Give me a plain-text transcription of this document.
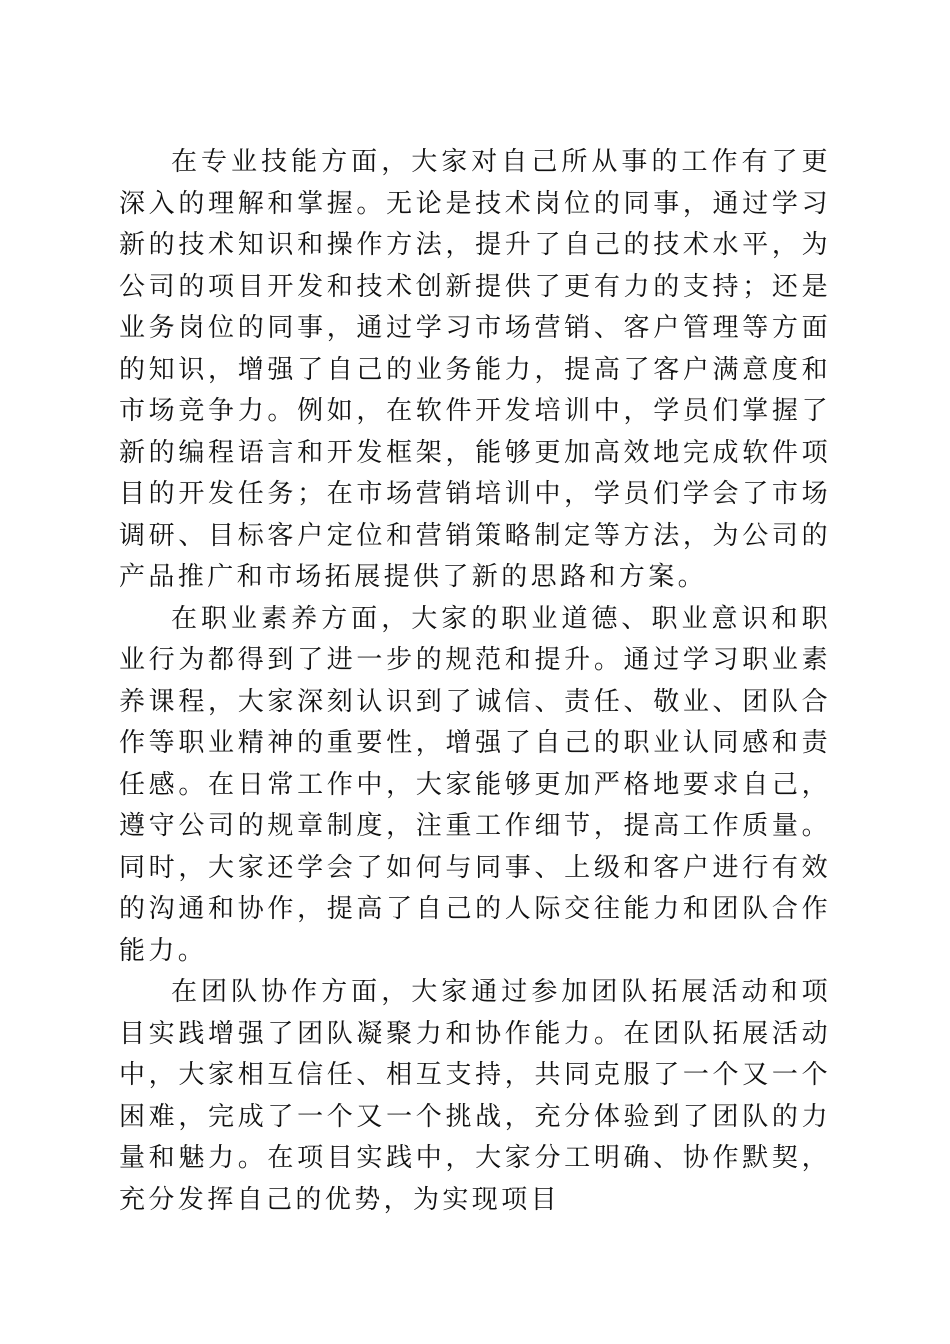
在专业技能方面，大家对自己所从事的工作有了更深入的理解和掌握。无论是技术岗位的同事，通过学习新的技术知识和操作方法，提升了自己的技术水平，为公司的项目开发和技术创新提供了更有力的支持；还是业务岗位的同事，通过学习市场营销、客户管理等方面的知识，增强了自己的业务能力，提高了客户满意度和市场竞争力。例如，在软件开发培训中，学员们掌握了新的编程语言和开发框架，能够更加高效地完成软件项目的开发任务；在市场营销培训中，学员们学会了市场调研、目标客户定位和营销策略制定等方法，为公司的产品推广和市场拓展提供了新的思路和方案。

在职业素养方面，大家的职业道德、职业意识和职业行为都得到了进一步的规范和提升。通过学习职业素养课程，大家深刻认识到了诚信、责任、敬业、团队合作等职业精神的重要性，增强了自己的职业认同感和责任感。在日常工作中，大家能够更加严格地要求自己，遵守公司的规章制度，注重工作细节，提高工作质量。同时，大家还学会了如何与同事、上级和客户进行有效的沟通和协作，提高了自己的人际交往能力和团队合作能力。

在团队协作方面，大家通过参加团队拓展活动和项目实践增强了团队凝聚力和协作能力。在团队拓展活动中，大家相互信任、相互支持，共同克服了一个又一个困难，完成了一个又一个挑战，充分体验到了团队的力量和魅力。在项目实践中，大家分工明确、协作默契，充分发挥自己的优势，为实现项目
